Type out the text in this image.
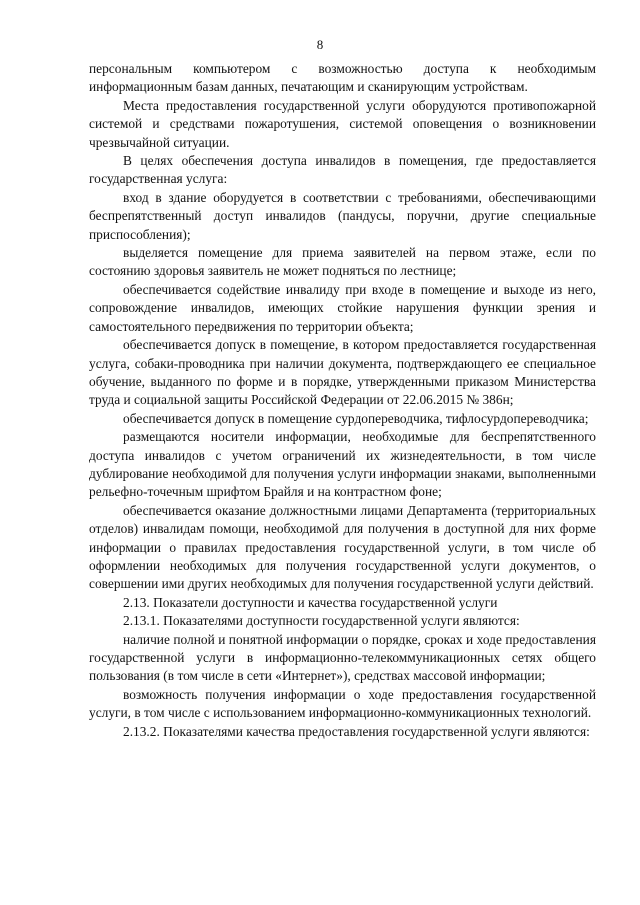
8

персональным компьютером с возможностью доступа к необходимым информационным базам данных, печатающим и сканирующим устройствам.

Места предоставления государственной услуги оборудуются противопожарной системой и средствами пожаротушения, системой оповещения о возникновении чрезвычайной ситуации.

В целях обеспечения доступа инвалидов в помещения, где предоставляется государственная услуга:

вход в здание оборудуется в соответствии с требованиями, обеспечивающими беспрепятственный доступ инвалидов (пандусы, поручни, другие специальные приспособления);

выделяется помещение для приема заявителей на первом этаже, если по состоянию здоровья заявитель не может подняться по лестнице;

обеспечивается содействие инвалиду при входе в помещение и выходе из него, сопровождение инвалидов, имеющих стойкие нарушения функции зрения и самостоятельного передвижения по территории объекта;

обеспечивается допуск в помещение, в котором предоставляется государственная услуга, собаки-проводника при наличии документа, подтверждающего ее специальное обучение, выданного по форме и в порядке, утвержденными приказом Министерства труда и социальной защиты Российской Федерации от 22.06.2015 № 386н;

обеспечивается допуск в помещение сурдопереводчика, тифлосурдопереводчика;

размещаются носители информации, необходимые для беспрепятственного доступа инвалидов с учетом ограничений их жизнедеятельности, в том числе дублирование необходимой для получения услуги информации знаками, выполненными рельефно-точечным шрифтом Брайля и на контрастном фоне;

обеспечивается оказание должностными лицами Департамента (территориальных отделов) инвалидам помощи, необходимой для получения в доступной для них форме информации о правилах предоставления государственной услуги, в том числе об оформлении необходимых для получения государственной услуги документов, о совершении ими других необходимых для получения государственной услуги действий.

2.13. Показатели доступности и качества государственной услуги

2.13.1. Показателями доступности государственной услуги являются:

наличие полной и понятной информации о порядке, сроках и ходе предоставления государственной услуги в информационно-телекоммуникационных сетях общего пользования (в том числе в сети «Интернет»), средствах массовой информации;

возможность получения информации о ходе предоставления государственной услуги, в том числе с использованием информационно-коммуникационных технологий.

2.13.2. Показателями качества предоставления государственной услуги являются:
